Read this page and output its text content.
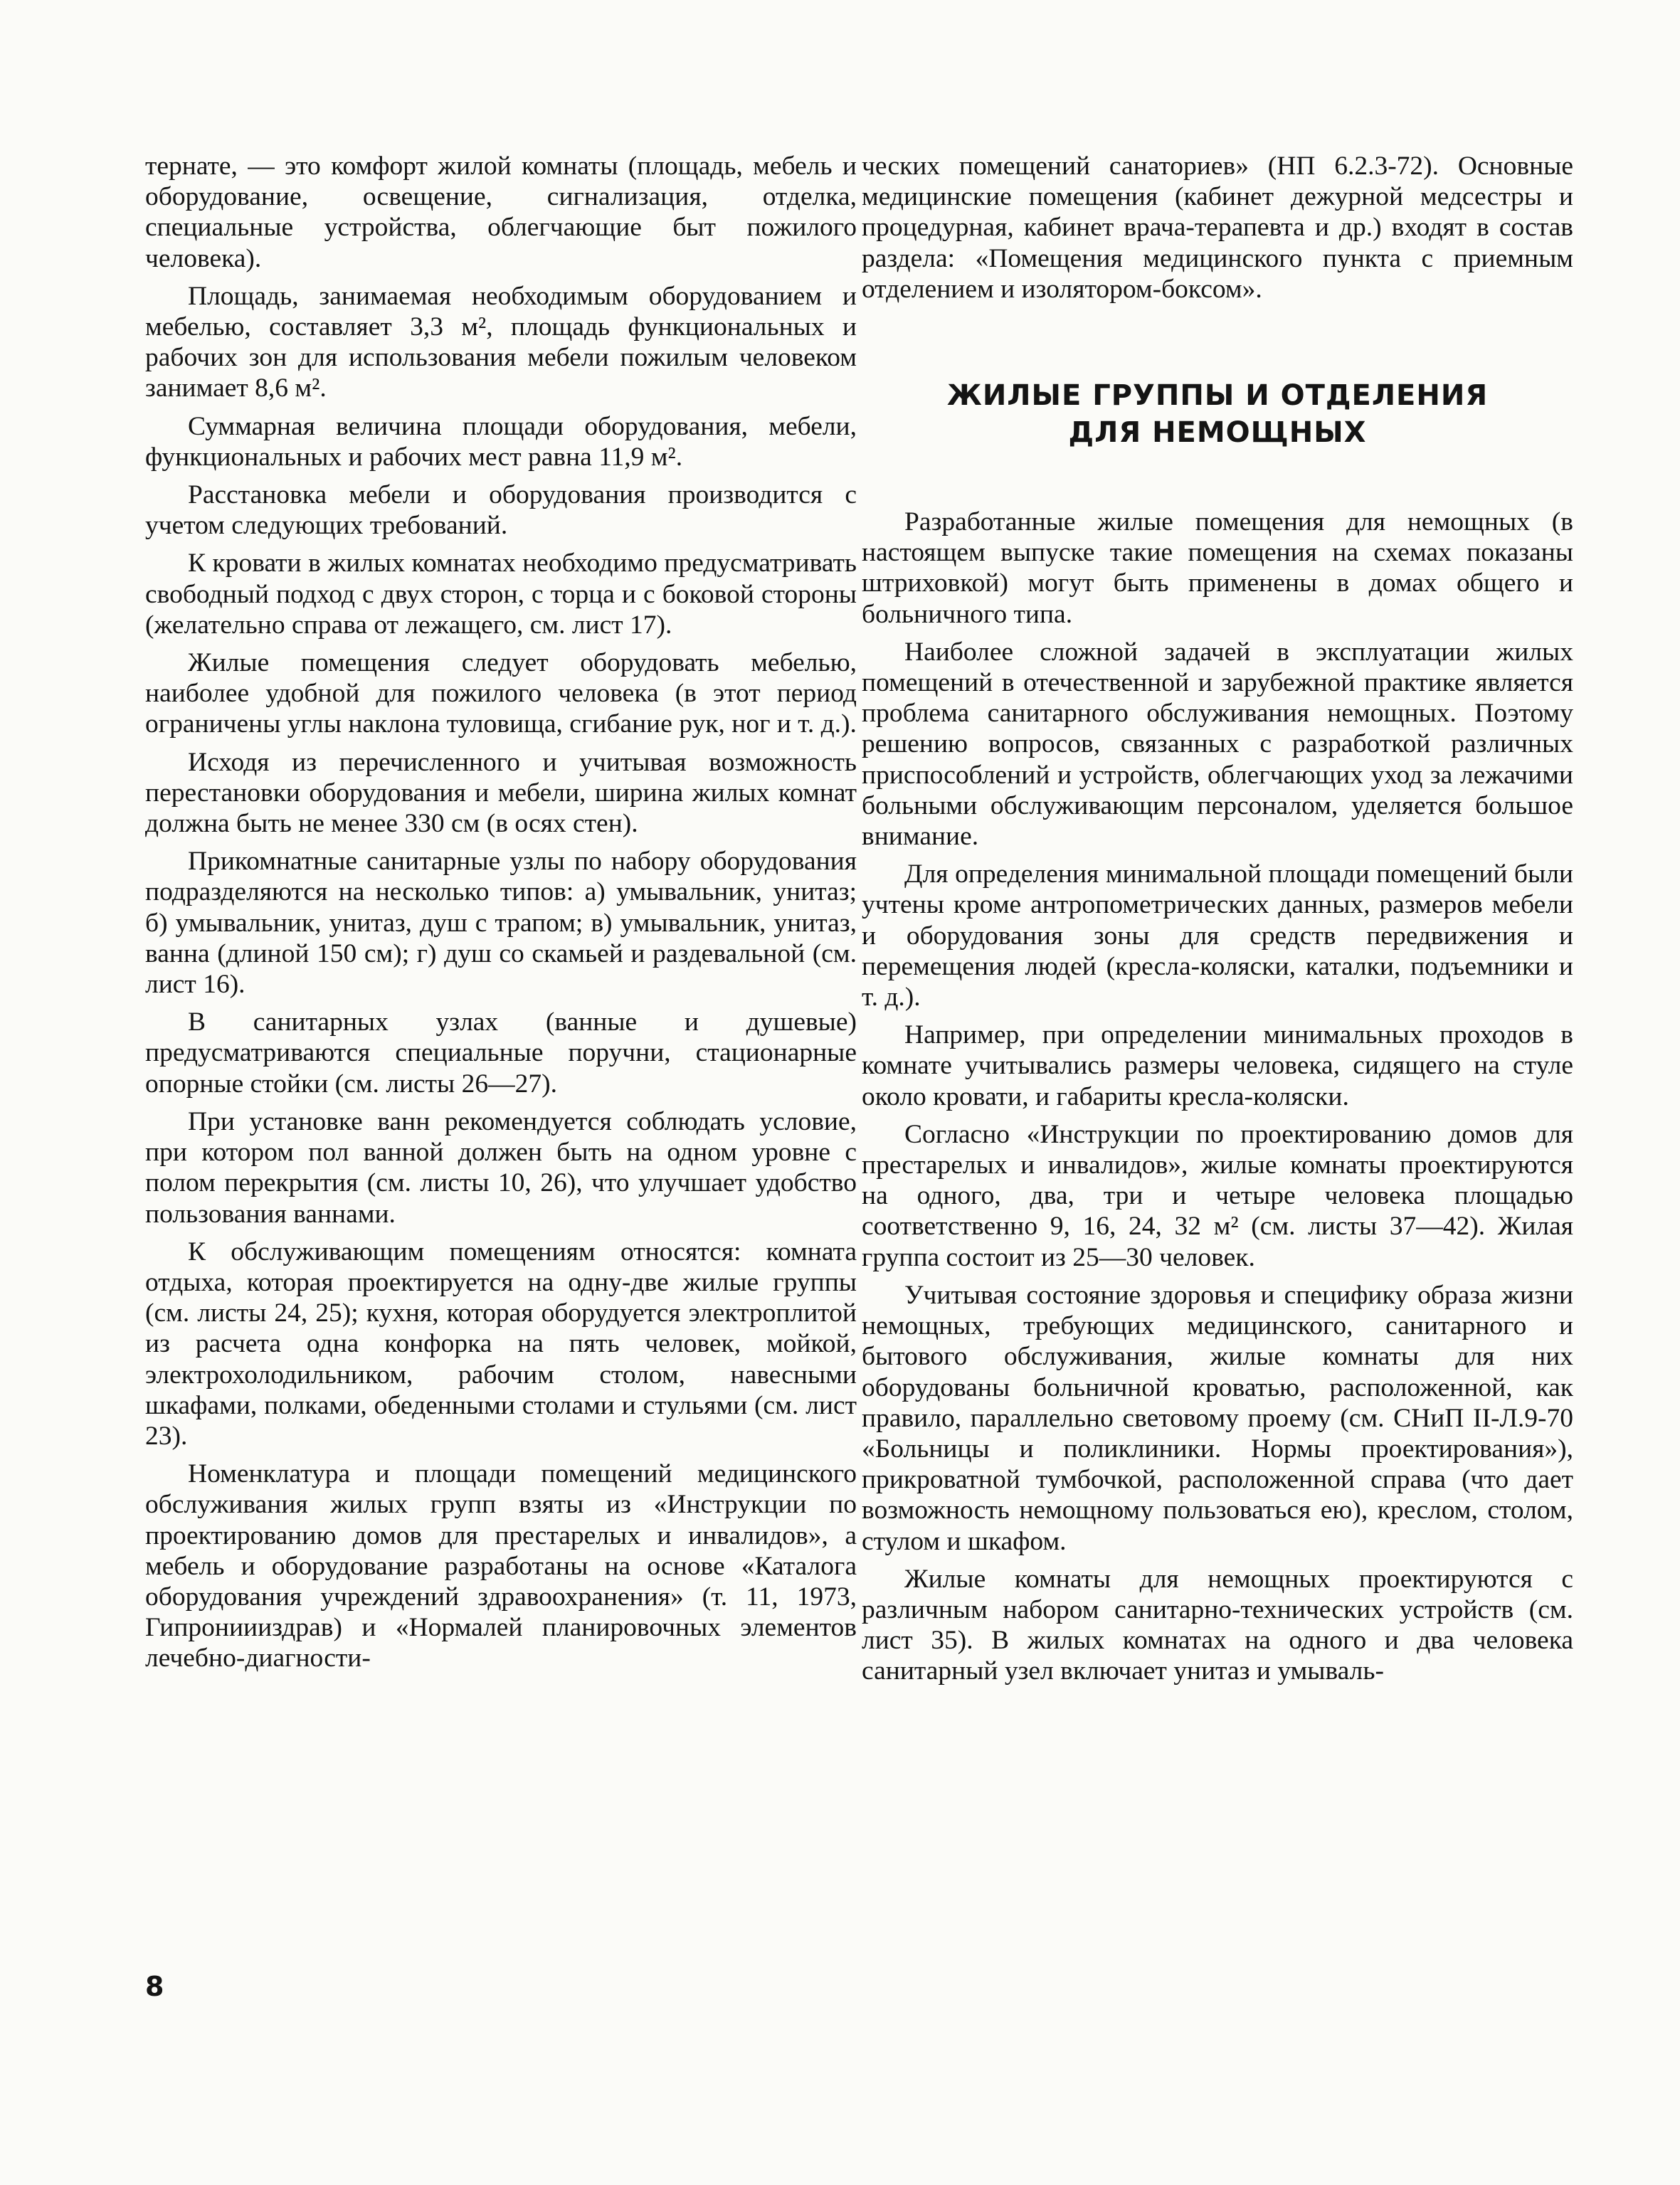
тернате, — это комфорт жилой комнаты (площадь, мебель и оборудование, освещение, сигнализация, отделка, специальные устройства, облегчающие быт пожилого человека).

Площадь, занимаемая необходимым оборудованием и мебелью, составляет 3,3 м², площадь функциональных и рабочих зон для использования мебели пожилым человеком занимает 8,6 м².

Суммарная величина площади оборудования, мебели, функциональных и рабочих мест равна 11,9 м².

Расстановка мебели и оборудования производится с учетом следующих требований.

К кровати в жилых комнатах необходимо предусматривать свободный подход с двух сторон, с торца и с боковой стороны (желательно справа от лежащего, см. лист 17).

Жилые помещения следует оборудовать мебелью, наиболее удобной для пожилого человека (в этот период ограничены углы наклона туловища, сгибание рук, ног и т. д.).

Исходя из перечисленного и учитывая возможность перестановки оборудования и мебели, ширина жилых комнат должна быть не менее 330 см (в осях стен).

Прикомнатные санитарные узлы по набору оборудования подразделяются на несколько типов: а) умывальник, унитаз; б) умывальник, унитаз, душ с трапом; в) умывальник, унитаз, ванна (длиной 150 см); г) душ со скамьей и раздевальной (см. лист 16).

В санитарных узлах (ванные и душевые) предусматриваются специальные поручни, стационарные опорные стойки (см. листы 26—27).

При установке ванн рекомендуется соблюдать условие, при котором пол ванной должен быть на одном уровне с полом перекрытия (см. листы 10, 26), что улучшает удобство пользования ваннами.

К обслуживающим помещениям относятся: комната отдыха, которая проектируется на одну-две жилые группы (см. листы 24, 25); кухня, которая оборудуется электроплитой из расчета одна конфорка на пять человек, мойкой, электрохолодильником, рабочим столом, навесными шкафами, полками, обеденными столами и стульями (см. лист 23).

Номенклатура и площади помещений медицинского обслуживания жилых групп взяты из «Инструкции по проектированию домов для престарелых и инвалидов», а мебель и оборудование разработаны на основе «Каталога оборудования учреждений здравоохранения» (т. 11, 1973, Гипрониииздрав) и «Нормалей планировочных элементов лечебно-диагности-

ческих помещений санаториев» (НП 6.2.3-72). Основные медицинские помещения (кабинет дежурной медсестры и процедурная, кабинет врача-терапевта и др.) входят в состав раздела: «Помещения медицинского пункта с приемным отделением и изолятором-боксом».

ЖИЛЫЕ ГРУППЫ И ОТДЕЛЕНИЯ
ДЛЯ НЕМОЩНЫХ

Разработанные жилые помещения для немощных (в настоящем выпуске такие помещения на схемах показаны штриховкой) могут быть применены в домах общего и больничного типа.

Наиболее сложной задачей в эксплуатации жилых помещений в отечественной и зарубежной практике является проблема санитарного обслуживания немощных. Поэтому решению вопросов, связанных с разработкой различных приспособлений и устройств, облегчающих уход за лежачими больными обслуживающим персоналом, уделяется большое внимание.

Для определения минимальной площади помещений были учтены кроме антропометрических данных, размеров мебели и оборудования зоны для средств передвижения и перемещения людей (кресла-коляски, каталки, подъемники и т. д.).

Например, при определении минимальных проходов в комнате учитывались размеры человека, сидящего на стуле около кровати, и габариты кресла-коляски.

Согласно «Инструкции по проектированию домов для престарелых и инвалидов», жилые комнаты проектируются на одного, два, три и четыре человека площадью соответственно 9, 16, 24, 32 м² (см. листы 37—42). Жилая группа состоит из 25—30 человек.

Учитывая состояние здоровья и специфику образа жизни немощных, требующих медицинского, санитарного и бытового обслуживания, жилые комнаты для них оборудованы больничной кроватью, расположенной, как правило, параллельно световому проему (см. СНиП II-Л.9-70 «Больницы и поликлиники. Нормы проектирования»), прикроватной тумбочкой, расположенной справа (что дает возможность немощному пользоваться ею), креслом, столом, стулом и шкафом.

Жилые комнаты для немощных проектируются с различным набором санитарно-технических устройств (см. лист 35). В жилых комнатах на одного и два человека санитарный узел включает унитаз и умываль-

8
